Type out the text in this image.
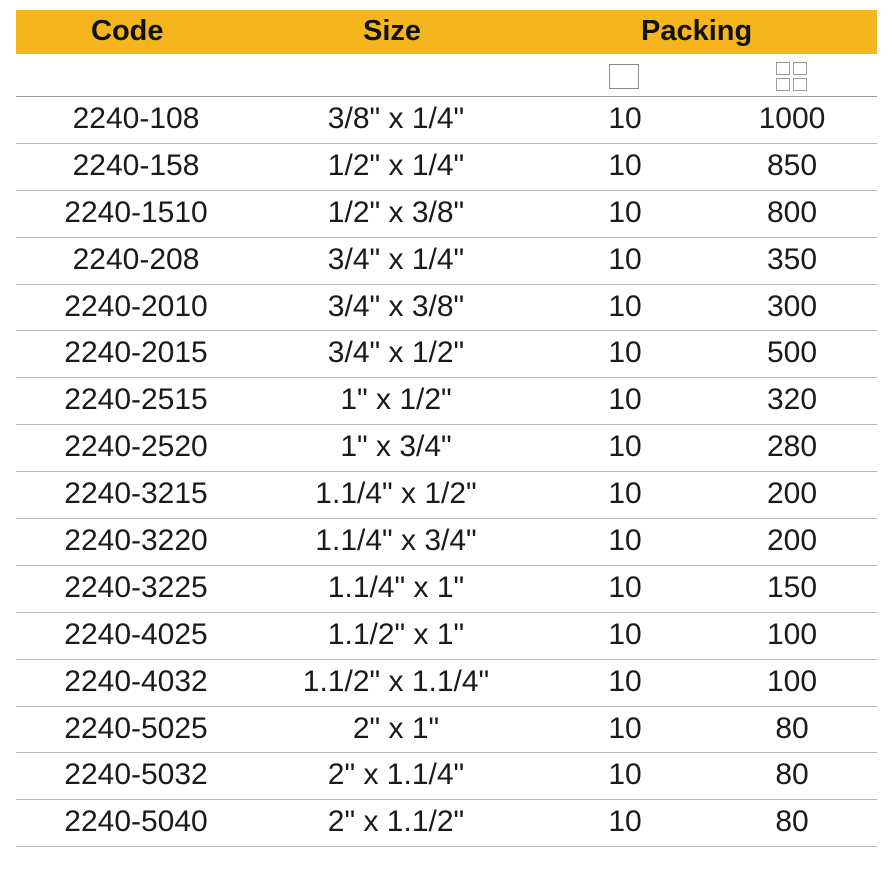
Code	Size	Packing
2240-108	3/8" x 1/4"	10	1000
2240-158	1/2" x 1/4"	10	850
2240-1510	1/2" x 3/8"	10	800
2240-208	3/4" x 1/4"	10	350
2240-2010	3/4" x 3/8"	10	300
2240-2015	3/4" x 1/2"	10	500
2240-2515	1" x 1/2"	10	320
2240-2520	1" x 3/4"	10	280
2240-3215	1.1/4" x 1/2"	10	200
2240-3220	1.1/4" x 3/4"	10	200
2240-3225	1.1/4" x 1"	10	150
2240-4025	1.1/2" x 1"	10	100
2240-4032	1.1/2" x 1.1/4"	10	100
2240-5025	2" x 1"	10	80
2240-5032	2" x 1.1/4"	10	80
2240-5040	2" x 1.1/2"	10	80
